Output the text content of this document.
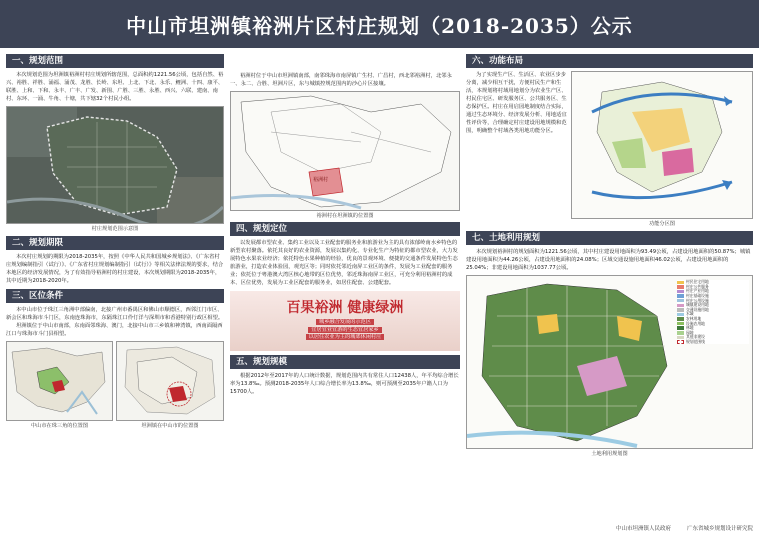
中山市坦洲镇裕洲片区村庄规划（2018-2035）公示
一、规划范围
本次规划范围为坦洲镇裕洲村村庄规划所辖范围，总面积约1221.56公顷，包括自然、裕兴、裕胜、祥胜、涌福、涌茂、龙胜、长岭、东坦、上北、下北、永乐、鲤洲、十四、康平、联胜、上和、下和、永丰、广丰、广发、新围、广胜、三胜、永胜、西兴、六联、建南、南村、东环、一涌、牛角、十塘，共下辖32个村民小组。
村庄规划范围示意图
二、规划期限
本次村庄规划的期限为2018-2035年，按照《中华人民共和国城乡规划法》、《广东省村庄规划编制指引（试行）》、《广东省村庄规划编制指引（试行）》等相关法律法规的要求，结合本地区的经济发展情况，为了有效指导裕洲村的村庄建设，本次规划期限为2018-2035年，其中近期为2018-2020年。
三、区位条件
本中山市位于珠江三角洲中部偏南，北接广州市番禺区和佛山市顺德区，西邻江门市区、新会区和珠海市斗门区，东南连珠海市，东隔珠江口伶仃洋与深圳市和香港特别行政区相望。
坦洲镇位于中山市南部，东南面邻珠海、澳门，北接中山市三乡镇和神湾镇，西南面隔西江口与珠海市斗门县相望。
中山市在珠三角的位置图	坦洲镇在中山市的位置图
裕洲村位于中山市坦洲镇南部，南邻珠海市南屏镇广生村、广昌村，西北邻裕洲村，北邻永一、永二、合胜、坦洲片区，东与城镇控规范围内的沙心片区接壤。
裕洲村
裕洲村在坦洲镇的位置图
四、规划定位
以发展都市型农业、集约工业以及工业配套的服务业和旅游业为主的具有浓郁岭南水乡特色的新型农村聚落。依托其良好的农业资源，发展以集约化、专业化生产为特征的都市型农业，大力发展特色水果农业经济；依托特色水果种植的经验，优良的景观环境、便捷的交通条件发展特色生态旅游业，打造农业体验园，观光区等；同时依托邻近南屏工业区的条件，发展为工业配套的服务业；依托位于粤港澳大湾区核心地带的区位优势，邻近珠海南屏工业区，可充分利用裕洲村的成本、区位优势，发展为工业区配套的服务业，如居住配套、公建配套。
百果裕洲 健康绿洲
城乡融合发展的示范区
宜居宜业宜游的生态宜居家乡
以居住农业为主的城郊休闲村庄
五、规划规模
根据2012年至2017年的人口统计数据，规划范围内共有常住人口12438人，年平均综合增长率为13.8‰。预测2018-2035年人口综合增长率为13.8‰，则可预测至2035年户籍人口为15700人。
六、功能布局
为了实现生产区、生活区、农业区步步分离，减少相互干扰，方便村民生产和生活，本规划将村域用地划分为农业生产区、村民住宅区、研发服务区、公共服务区、生态保护区。村庄在用启园地制度结合实际，通过生态环境分、经济发展分析、用地适宜性评价等，合理确定村庄建设用地规模和范围，明确整个村域各类用地功能分区。
功能分区图
七、土地利用规划
本次规划裕洲村的规划面积为1221.56公顷，其中村庄建设用地面积为93.49公顷，占建设用地面积的50.87%；城镇建设用地面积为44.26公顷，占建设用地面积的24.08%；区域交通设施用地面积46.02公顷，占建设用地面积的25.04%；非建设用地面积为1037.77公顷。
村民住宅用地
村庄公共服务
村庄产业用地
村庄基础设施
村庄公用设施
城镇建设用地
交通设施用地
水域
农林用地
设施农用地
林地
园地
其他非建设
规划范围线
土地利用规划图
中山市坦洲镇人民政府	广东省城乡规划设计研究院
